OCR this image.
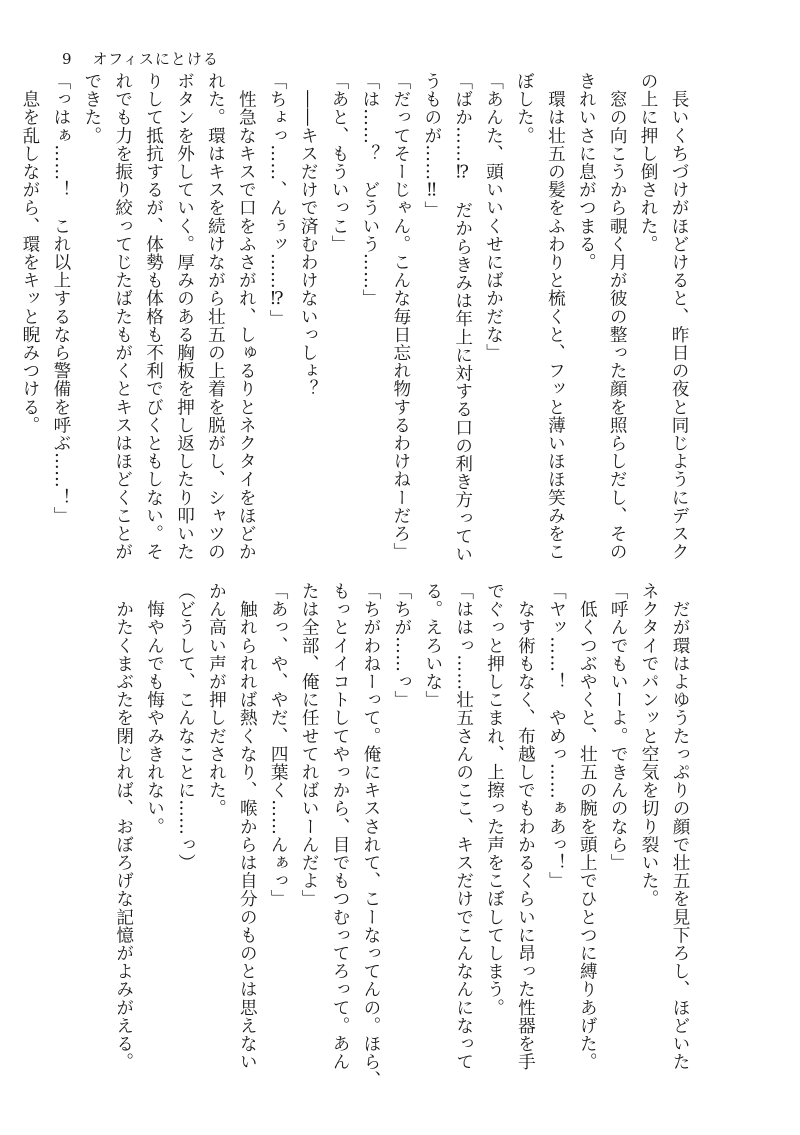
9 オフィスにとける
　長いくちづけがほどけると、昨日の夜と同じようにデスク
の上に押し倒された。
　窓の向こうから覗く月が彼の整った顔を照らしだし、その
きれいさに息がつまる。
　環は壮五の髪をふわりと梳くと、フッと薄いほほ笑みをこ
ぼした。
「あんた、頭いいくせにばかだな」
「ばか……⁉　だからきみは年上に対する口の利き方ってい
うものが……‼」
「だってそーじゃん。こんな毎日忘れ物するわけねーだろ」
「は……？　どういう……」
「あと、もういっこ」
　――キスだけで済むわけないっしょ？
「ちょっ……、んぅッ……⁉」
　性急なキスで口をふさがれ、しゅるりとネクタイをほどか
れた。環はキスを続けながら壮五の上着を脱がし、シャツの
ボタンを外していく。厚みのある胸板を押し返したり叩いた
りして抵抗するが、体勢も体格も不利でびくともしない。そ
れでも力を振り絞ってじたばたもがくとキスはほどくことが
できた。
「っはぁ……！　これ以上するなら警備を呼ぶ……！」
　息を乱しながら、環をキッと睨みつける。
　だが環はよゆうたっぷりの顔で壮五を見下ろし、ほどいた
ネクタイでパンッと空気を切り裂いた。
「呼んでもいーよ。できんのなら」
　低くつぶやくと、壮五の腕を頭上でひとつに縛りあげた。
「ヤッ……！　やめっ……ぁあっ！」
　なす術もなく、布越しでもわかるくらいに昂った性器を手
でぐっと押しこまれ、上擦った声をこぼしてしまう。
「ははっ……壮五さんのここ、キスだけでこんなんになって
る。えろいな」
「ちが……っ」
「ちがわねーって。俺にキスされて、こーなってんの。ほら、
もっとイイコトしてやっから、目でもつむってろって。あん
たは全部、俺に任せてればいーんだよ」
「あっ、や、やだ、四葉く……んぁっ」
　触れられれば熱くなり、喉からは自分のものとは思えない
かん高い声が押しだされた。
（どうして、こんなことに……っ）
　悔やんでも悔やみきれない。
　かたくまぶたを閉じれば、おぼろげな記憶がよみがえる。
